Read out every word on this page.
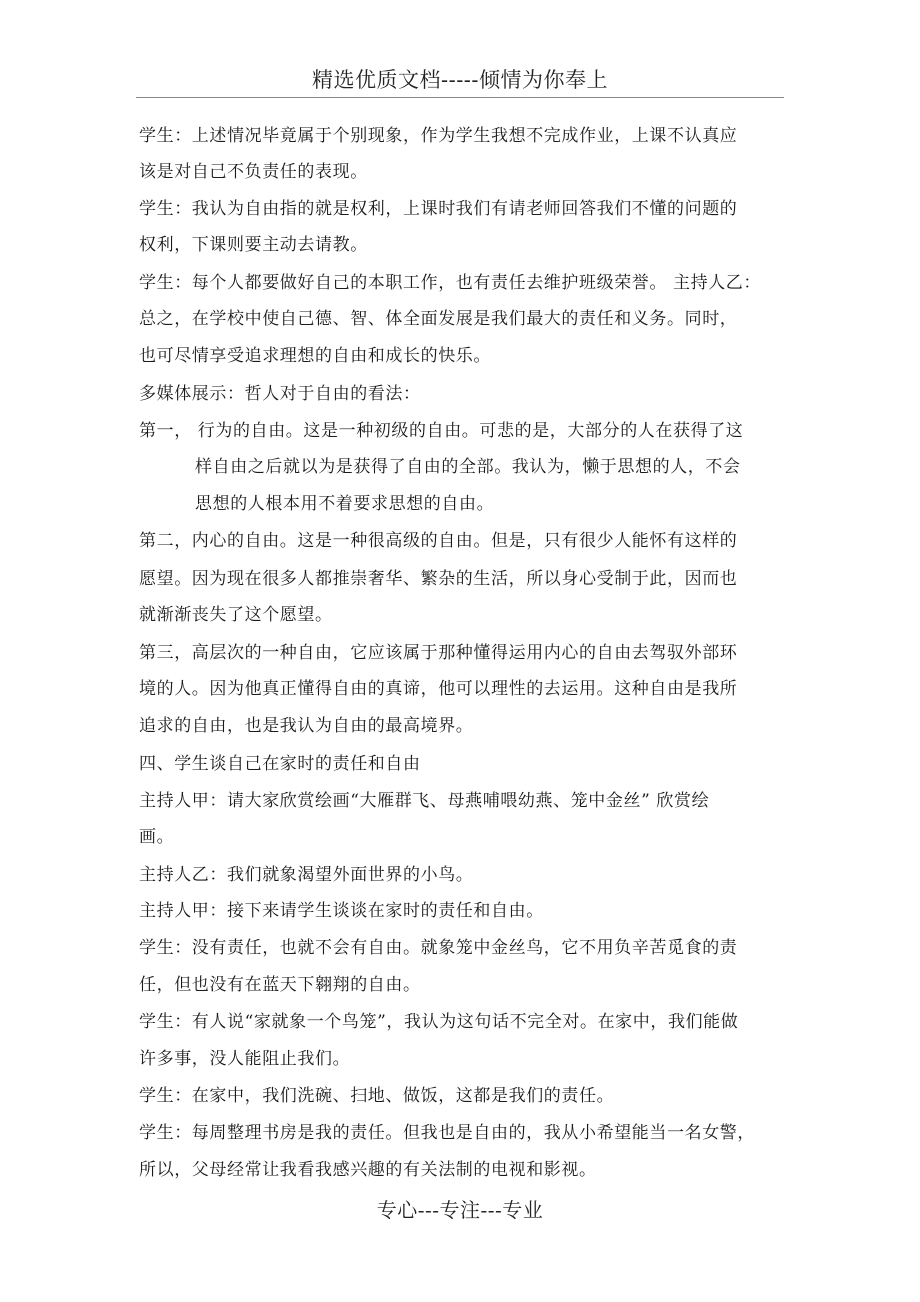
精选优质文档-----倾情为你奉上
学生：上述情况毕竟属于个别现象，作为学生我想不完成作业，上课不认真应
该是对自己不负责任的表现。
学生：我认为自由指的就是权利，上课时我们有请老师回答我们不懂的问题的
权利，下课则要主动去请教。
学生：每个人都要做好自己的本职工作，也有责任去维护班级荣誉。 主持人乙：
总之，在学校中使自己德、智、体全面发展是我们最大的责任和义务。同时，
也可尽情享受追求理想的自由和成长的快乐。
多媒体展示：哲人对于自由的看法：
第一， 行为的自由。这是一种初级的自由。可悲的是，大部分的人在获得了这
样自由之后就以为是获得了自由的全部。我认为，懒于思想的人，不会
思想的人根本用不着要求思想的自由。
第二，内心的自由。这是一种很高级的自由。但是，只有很少人能怀有这样的
愿望。因为现在很多人都推崇奢华、繁杂的生活，所以身心受制于此，因而也
就渐渐丧失了这个愿望。
第三，高层次的一种自由，它应该属于那种懂得运用内心的自由去驾驭外部环
境的人。因为他真正懂得自由的真谛，他可以理性的去运用。这种自由是我所
追求的自由，也是我认为自由的最高境界。
四、学生谈自己在家时的责任和自由
主持人甲：请大家欣赏绘画“大雁群飞、母燕哺喂幼燕、笼中金丝” 欣赏绘
画。
主持人乙：我们就象渴望外面世界的小鸟。
主持人甲：接下来请学生谈谈在家时的责任和自由。
学生：没有责任，也就不会有自由。就象笼中金丝鸟，它不用负辛苦觅食的责
任，但也没有在蓝天下翱翔的自由。
学生：有人说“家就象一个鸟笼”，我认为这句话不完全对。在家中，我们能做
许多事，没人能阻止我们。
学生：在家中，我们洗碗、扫地、做饭，这都是我们的责任。
学生：每周整理书房是我的责任。但我也是自由的，我从小希望能当一名女警，
所以，父母经常让我看我感兴趣的有关法制的电视和影视。
专心---专注---专业
